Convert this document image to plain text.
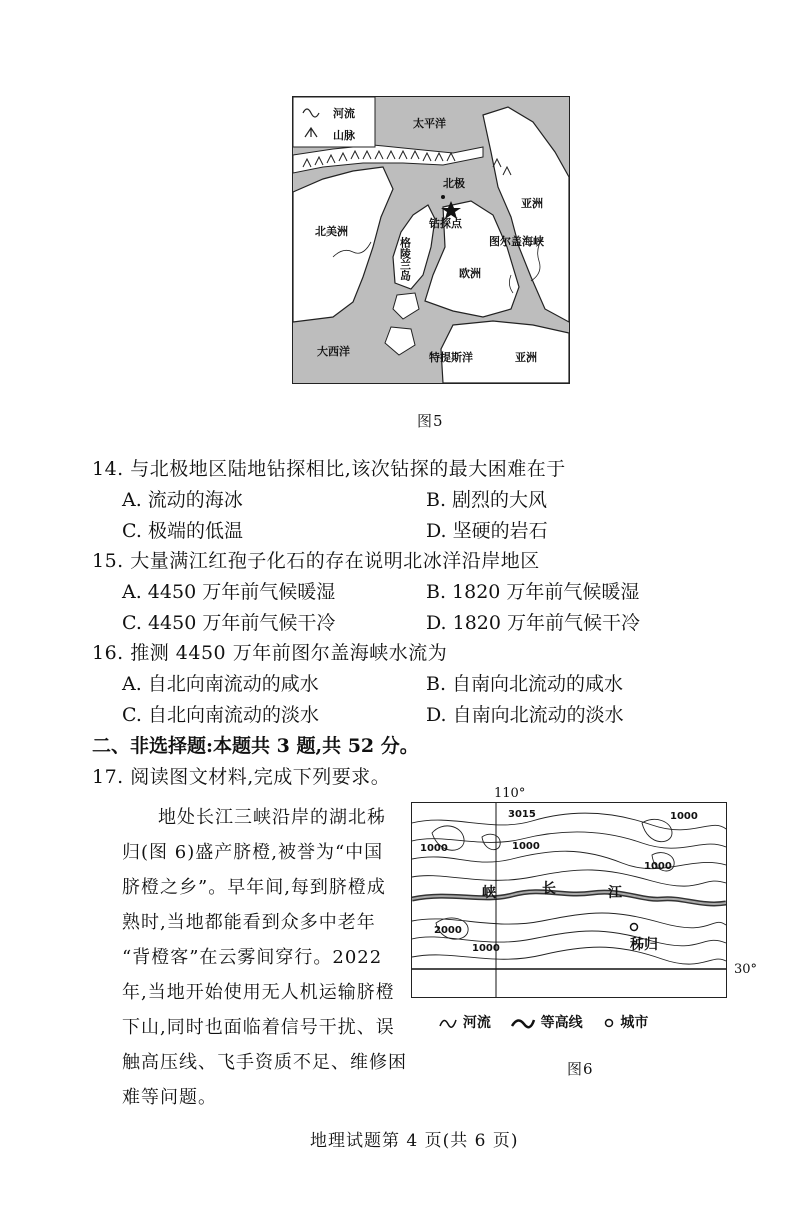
河流
山脉
北极
钻探点
太平洋
亚洲
北美洲
格陵兰岛	图尔盖海峡
欧洲
大西洋	特提斯洋	亚洲
图5
14. 与北极地区陆地钻探相比,该次钻探的最大困难在于
A. 流动的海冰	B. 剧烈的大风
C. 极端的低温	D. 坚硬的岩石
15. 大量满江红孢子化石的存在说明北冰洋沿岸地区
A. 4450 万年前气候暖湿	B. 1820 万年前气候暖湿
C. 4450 万年前气候干冷	D. 1820 万年前气候干冷
16. 推测 4450 万年前图尔盖海峡水流为
A. 自北向南流动的咸水	B. 自南向北流动的咸水
C. 自北向南流动的淡水	D. 自南向北流动的淡水
二、非选择题:本题共 3 题,共 52 分。
17. 阅读图文材料,完成下列要求。
地处长江三峡沿岸的湖北秭
归(图 6)盛产脐橙,被誉为“中国
脐橙之乡”。早年间,每到脐橙成
熟时,当地都能看到众多中老年
“背橙客”在云雾间穿行。2022
年,当地开始使用无人机运输脐橙
下山,同时也面临着信号干扰、误
触高压线、飞手资质不足、维修困
难等问题。
110°
3015	1000
1000
1000
1000
2000
1000
峡	长	江
秭归
30°
河流	等高线	城市
图6
地理试题第 4 页(共 6 页)
